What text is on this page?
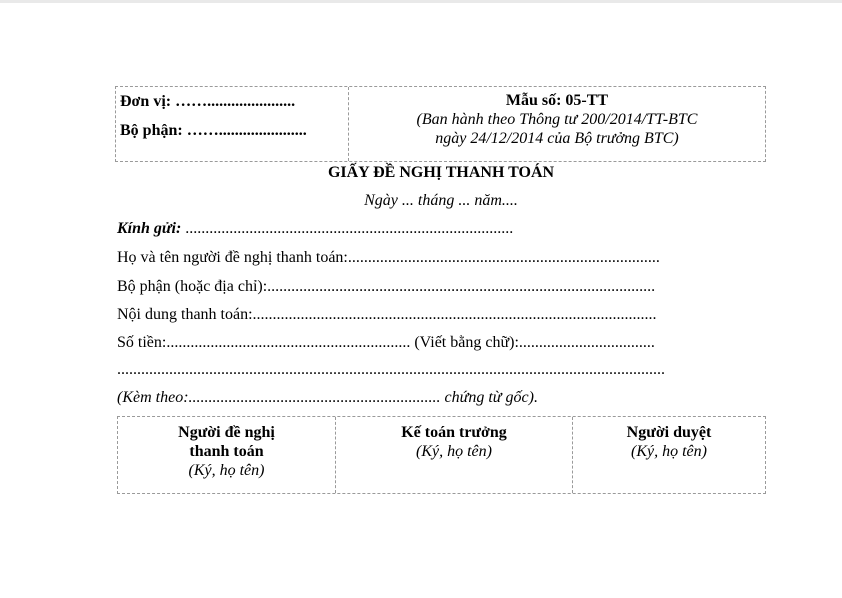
Đơn vị: ……......................
Bộ phận: ……......................
Mẫu số: 05-TT
(Ban hành theo Thông tư 200/2014/TT-BTC
ngày 24/12/2014 của Bộ trưởng BTC)
GIẤY ĐỀ NGHỊ THANH TOÁN
Ngày ... tháng ... năm....
Kính gửi: ..................................................................................
Họ và tên người đề nghị thanh toán:..............................................................................
Bộ phận (hoặc địa chỉ):.................................................................................................
Nội dung thanh toán:.....................................................................................................
Số tiền:............................................................. (Viết bằng chữ):..................................
.........................................................................................................................................
(Kèm theo:............................................................... chứng từ gốc).
Người đề nghị
thanh toán
(Ký, họ tên)
Kế toán trưởng
(Ký, họ tên)
Người duyệt
(Ký, họ tên)
